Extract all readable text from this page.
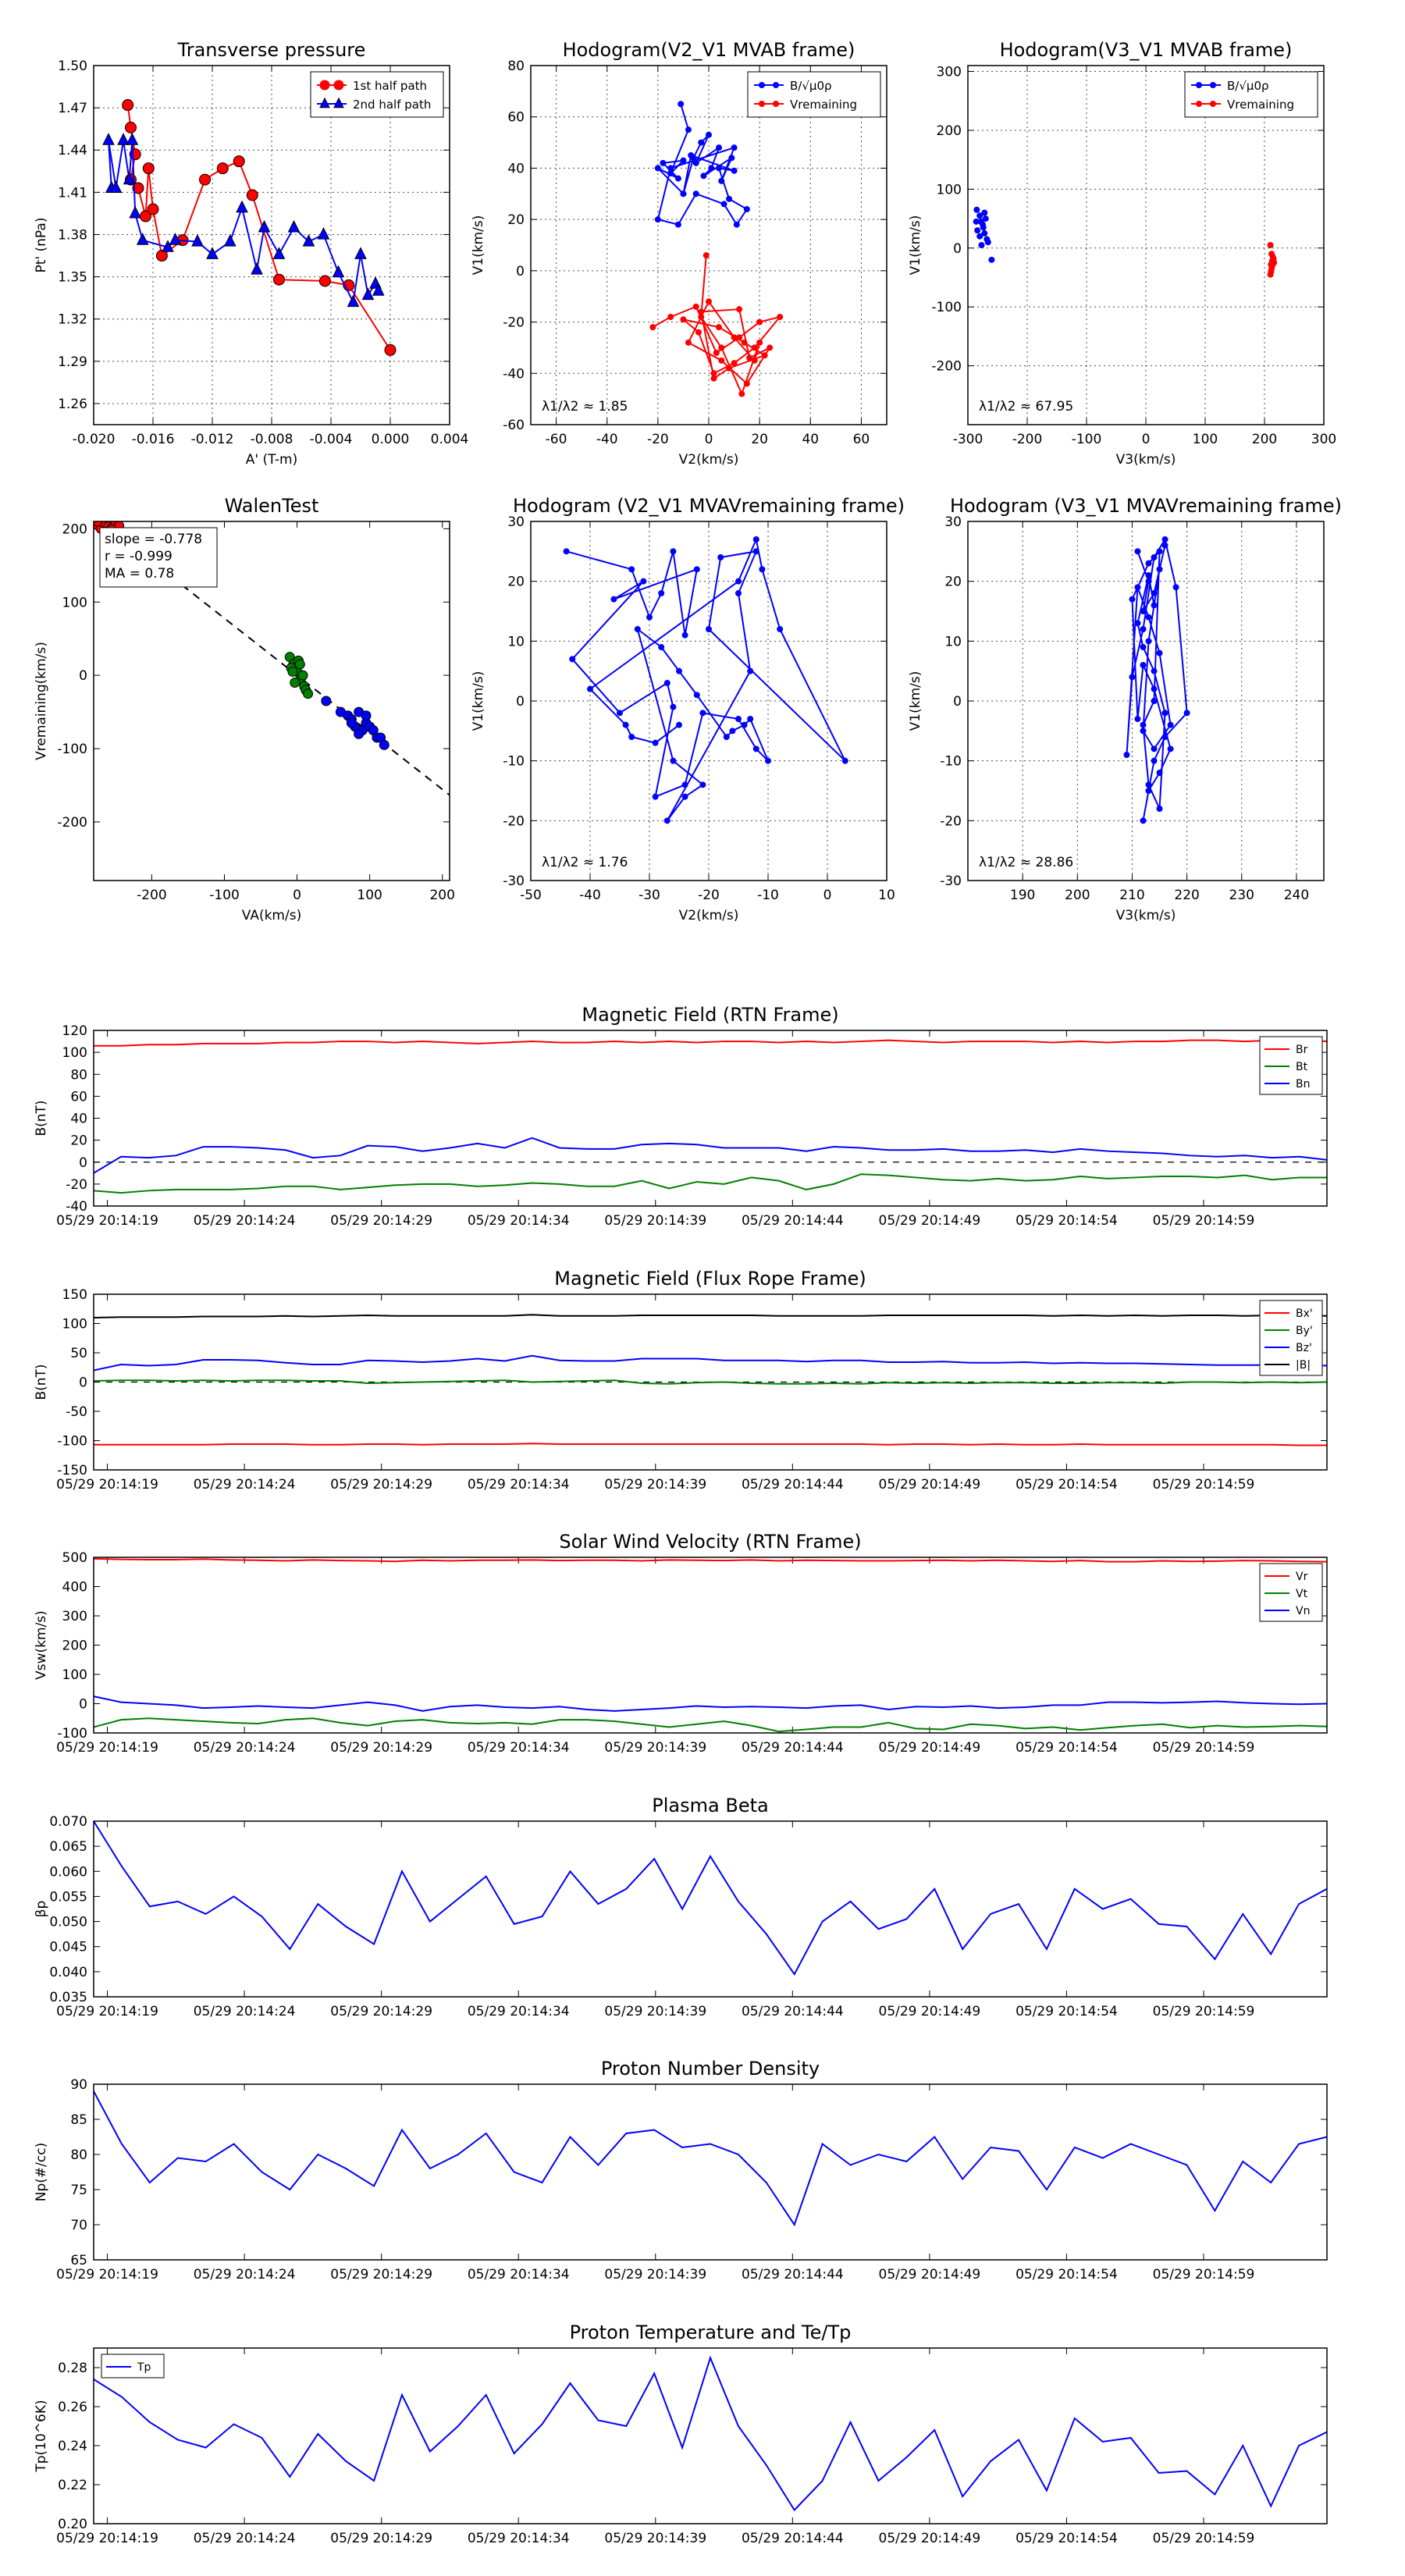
Transverse pressure
-0.020 -0.016 -0.012 -0.008 -0.004 0.000 0.004
1.26
1.29
1.32
1.35
1.38
1.41
1.44
1.47
1.50
A' (T-m)
Pt' (nPa)
1st half path
2nd half path
Hodogram(V2_V1 MVAB frame)
-60 -40 -20	0	20	40	60
-60
-40
-20
0
20
40
60
80
V2(km/s)
V1(km/s)
λ1/λ2 ≈ 1.85
B/√μ0ρ
Vremaining
Hodogram(V3_V1 MVAB frame)
-300 -200 -100	0	100	200	300
-200
-100
0
100
200
300
V3(km/s)
V1(km/s)
λ1/λ2 ≈ 67.95
B/√μ0ρ
Vremaining
WalenTest
-200	-100	0	100	200
-200
-100
0
100
200
VA(km/s)
Vremaining(km/s)
slope = -0.778
r = -0.999
MA = 0.78
Hodogram (V2_V1 MVAVremaining frame)
-50	-40	-30	-20	-10	0	10
-30
-20
-10
0
10
20
30
V2(km/s)
V1(km/s)
λ1/λ2 ≈ 1.76
Hodogram (V3_V1 MVAVremaining frame)
190 200 210 220 230 240
-30
-20
-10
0
10
20
30
V3(km/s)
V1(km/s)
λ1/λ2 ≈ 28.86
Magnetic Field (RTN Frame)
05/29 20:14:19	05/29 20:14:24	05/29 20:14:29	05/29 20:14:34	05/29 20:14:39	05/29 20:14:44	05/29 20:14:49	05/29 20:14:54	05/29 20:14:59
-40
-20
0
20
40
60
80
100
120
B(nT)
Br
Bt
Bn
Magnetic Field (Flux Rope Frame)
05/29 20:14:19	05/29 20:14:24	05/29 20:14:29	05/29 20:14:34	05/29 20:14:39	05/29 20:14:44	05/29 20:14:49	05/29 20:14:54	05/29 20:14:59
-150
-100
-50
0
50
100
150
B(nT)
Bx'
By'
Bz'
|B|
Solar Wind Velocity (RTN Frame)
05/29 20:14:19	05/29 20:14:24	05/29 20:14:29	05/29 20:14:34	05/29 20:14:39	05/29 20:14:44	05/29 20:14:49	05/29 20:14:54	05/29 20:14:59
-100
0
100
200
300
400
500
Vsw(km/s)
Vr
Vt
Vn
Plasma Beta
05/29 20:14:19	05/29 20:14:24	05/29 20:14:29	05/29 20:14:34	05/29 20:14:39	05/29 20:14:44	05/29 20:14:49	05/29 20:14:54	05/29 20:14:59
0.035
0.040
0.045
0.050
0.055
0.060
0.065
0.070
βp
Proton Number Density
05/29 20:14:19	05/29 20:14:24	05/29 20:14:29	05/29 20:14:34	05/29 20:14:39	05/29 20:14:44	05/29 20:14:49	05/29 20:14:54	05/29 20:14:59
65
70
75
80
85
90
Np(#/cc)
Proton Temperature and Te/Tp
05/29 20:14:19	05/29 20:14:24	05/29 20:14:29	05/29 20:14:34	05/29 20:14:39	05/29 20:14:44	05/29 20:14:49	05/29 20:14:54	05/29 20:14:59
0.20
0.22
0.24
0.26
0.28
Tp(10^6K)
Tp
